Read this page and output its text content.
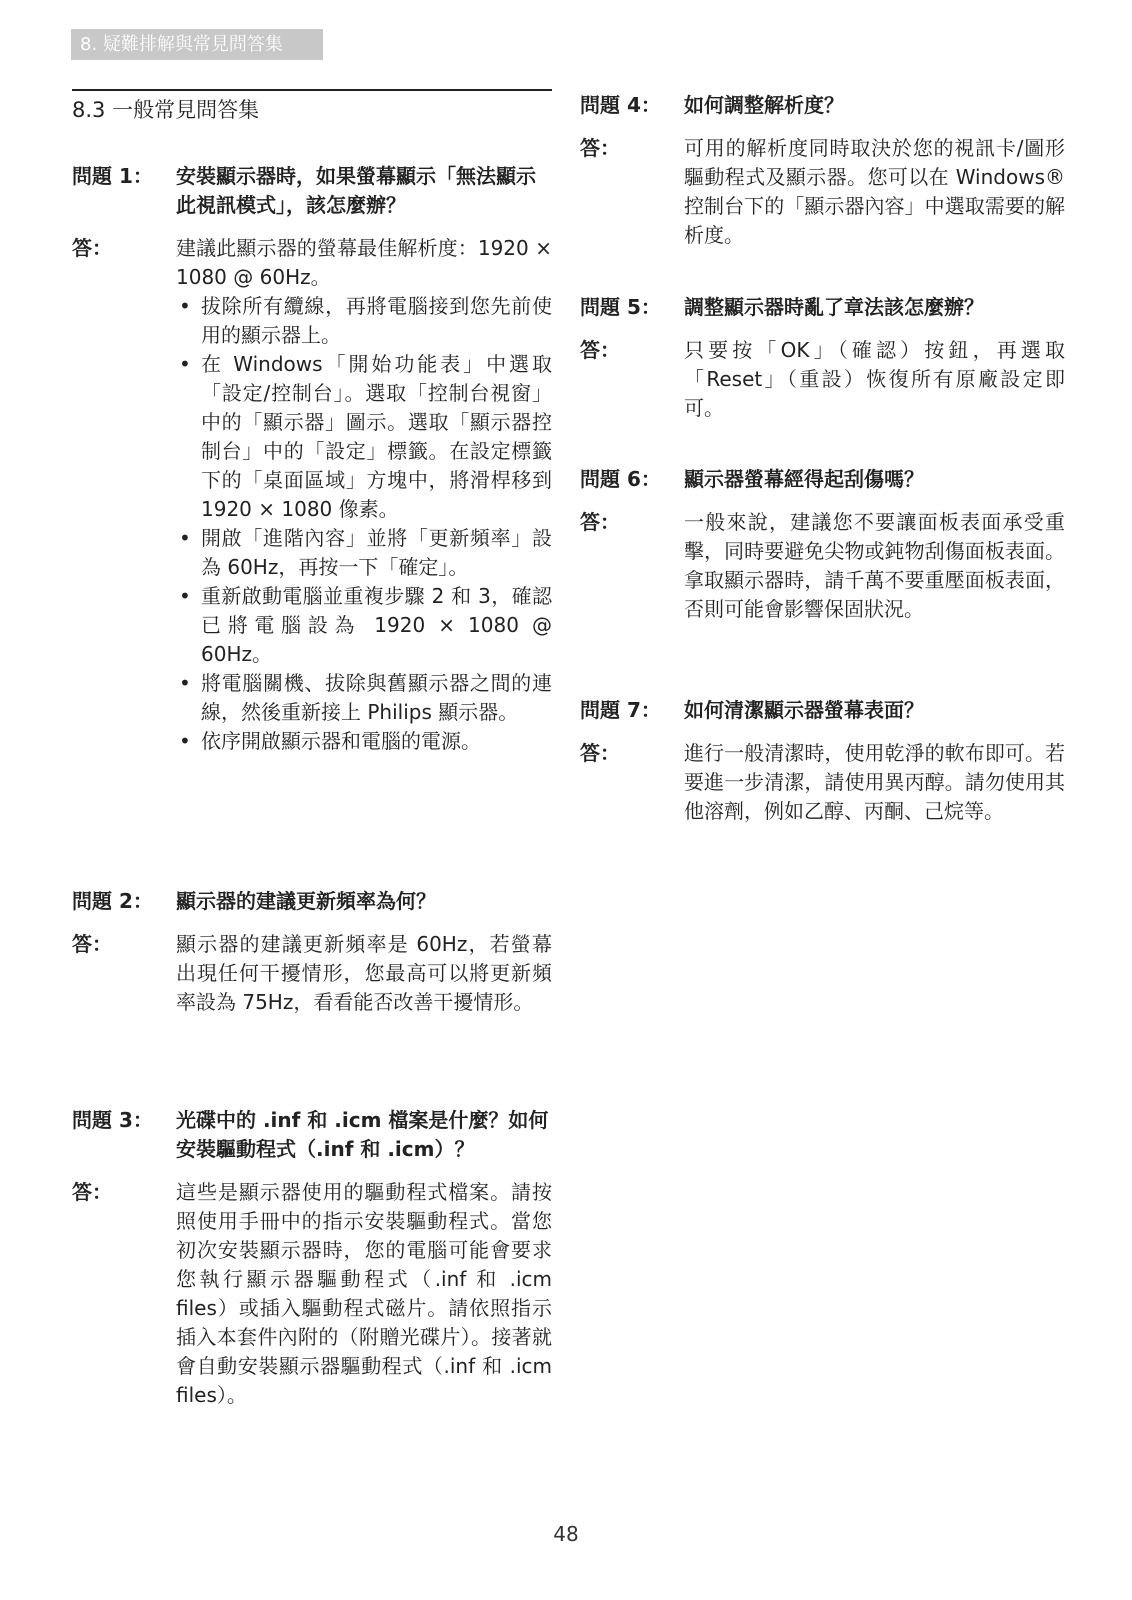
8. 疑難排解與常見問答集
8.3 一般常見問答集
問題 1：	安裝顯示器時，如果螢幕顯示「無法顯示此視訊模式」，該怎麼辦？
答：	建議此顯示器的螢幕最佳解析度：1920 × 1080 @ 60Hz。
• 拔除所有纜線，再將電腦接到您先前使用的顯示器上。
• 在 Windows「開始功能表」中選取「設定/控制台」。選取「控制台視窗」中的「顯示器」圖示。選取「顯示器控制台」中的「設定」標籤。在設定標籤下的「桌面區域」方塊中，將滑桿移到 1920 × 1080 像素。
• 開啟「進階內容」並將「更新頻率」設為 60Hz，再按一下「確定」。
• 重新啟動電腦並重複步驟 2 和 3，確認已將電腦設為 1920 × 1080 @ 60Hz。
• 將電腦關機、拔除與舊顯示器之間的連線，然後重新接上 Philips 顯示器。
• 依序開啟顯示器和電腦的電源。
問題 2：	顯示器的建議更新頻率為何？
答：	顯示器的建議更新頻率是 60Hz，若螢幕出現任何干擾情形，您最高可以將更新頻率設為 75Hz，看看能否改善干擾情形。
問題 3：	光碟中的 .inf 和 .icm 檔案是什麼？如何安裝驅動程式（.inf 和 .icm）？
答：	這些是顯示器使用的驅動程式檔案。請按照使用手冊中的指示安裝驅動程式。當您初次安裝顯示器時，您的電腦可能會要求您執行顯示器驅動程式（.inf 和 .icm files）或插入驅動程式磁片。請依照指示插入本套件內附的（附贈光碟片）。接著就會自動安裝顯示器驅動程式（.inf 和 .icm files）。
問題 4：	如何調整解析度？
答：	可用的解析度同時取決於您的視訊卡/圖形驅動程式及顯示器。您可以在 Windows® 控制台下的「顯示器內容」中選取需要的解析度。
問題 5：	調整顯示器時亂了章法該怎麼辦？
答：	只要按「OK」（確認）按鈕，再選取「Reset」（重設）恢復所有原廠設定即可。
問題 6：	顯示器螢幕經得起刮傷嗎？
答：	一般來說，建議您不要讓面板表面承受重擊，同時要避免尖物或鈍物刮傷面板表面。拿取顯示器時，請千萬不要重壓面板表面，否則可能會影響保固狀況。
問題 7：	如何清潔顯示器螢幕表面？
答：	進行一般清潔時，使用乾淨的軟布即可。若要進一步清潔，請使用異丙醇。請勿使用其他溶劑，例如乙醇、丙酮、己烷等。
48
